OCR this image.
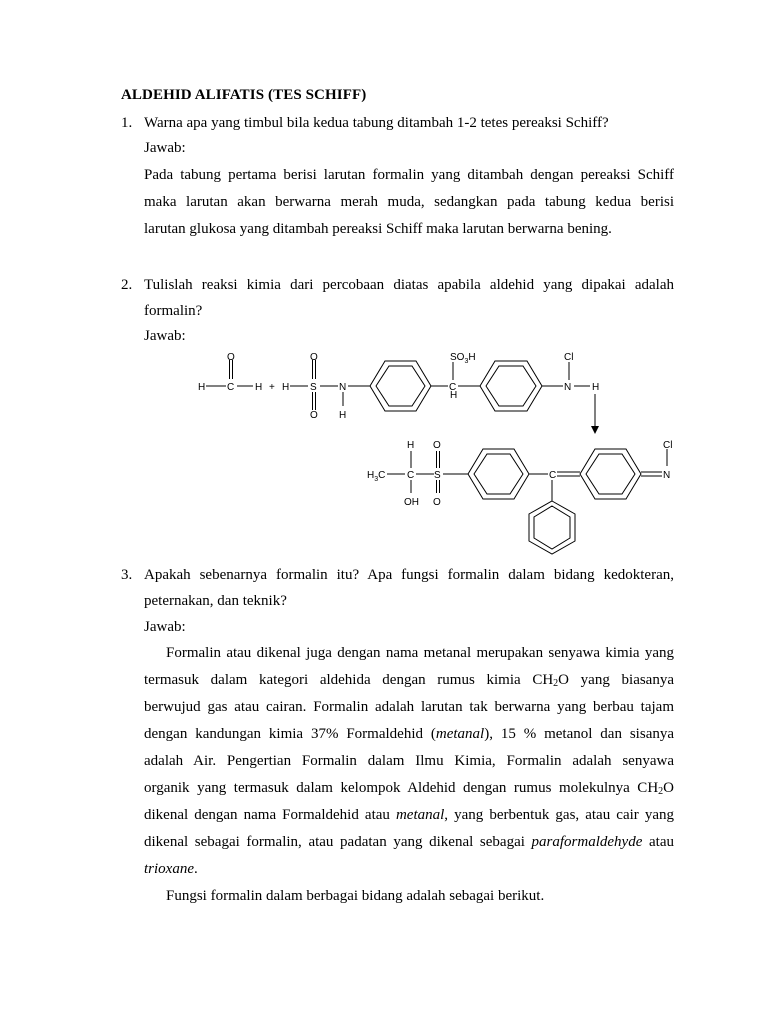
ALDEHID ALIFATIS (TES SCHIFF)
1. Warna apa yang timbul bila kedua tabung ditambah 1-2 tetes pereaksi Schiff?

Jawab:

Pada tabung pertama berisi larutan formalin yang ditambah dengan pereaksi Schiff

maka larutan akan berwarna merah muda, sedangkan pada tabung kedua berisi

larutan glukosa yang ditambah pereaksi Schiff maka larutan berwarna bening.

2. Tulislah reaksi kimia dari percobaan diatas apabila aldehid yang dipakai adalah

formalin?

Jawab:

O
H C H + H
O
S
O
N
H
$SO_3H$
C
H
Cl
N H
H O
$H_3C$ C S
OH O
C
Cl
N
3. Apakah sebenarnya formalin itu? Apa fungsi formalin dalam bidang kedokteran,

peternakan, dan teknik?

Jawab:

Formalin atau dikenal juga dengan nama metanal merupakan senyawa kimia yang

termasuk dalam kategori aldehida dengan rumus kimia $CH_2O$ yang biasanya

berwujud gas atau cairan. Formalin adalah larutan tak berwarna yang berbau tajam

dengan kandungan kimia 37% Formaldehid (metanal), 15 % metanol dan sisanya

adalah Air. Pengertian Formalin dalam Ilmu Kimia, Formalin adalah senyawa

organik yang termasuk dalam kelompok Aldehid dengan rumus molekulnya $CH_2O$

dikenal dengan nama Formaldehid atau metanal, yang berbentuk gas, atau cair yang

dikenal sebagai formalin, atau padatan yang dikenal sebagai paraformaldehyde atau

trioxane.

Fungsi formalin dalam berbagai bidang adalah sebagai berikut.
